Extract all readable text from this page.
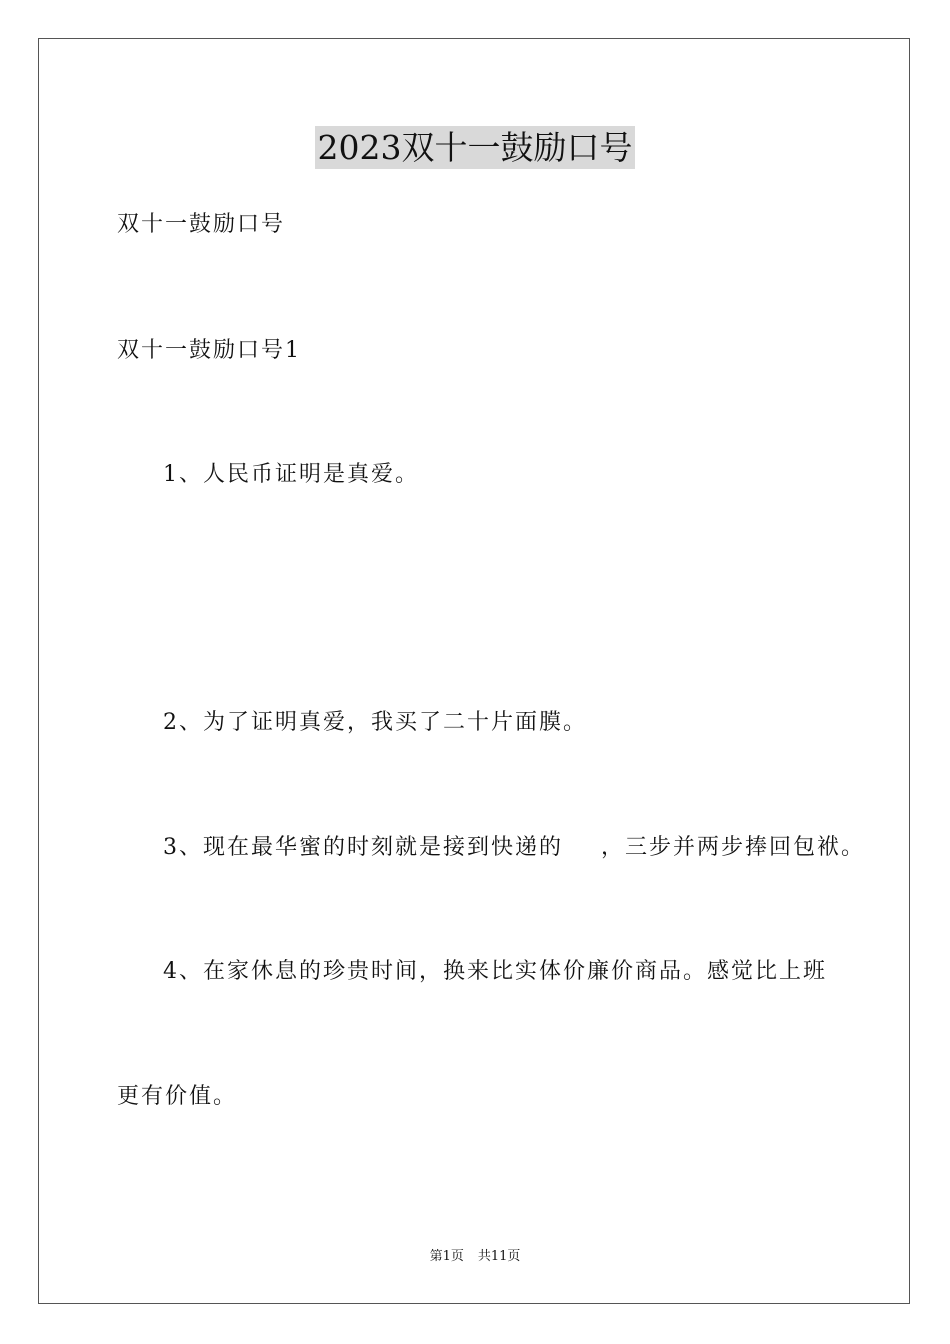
2023双十一鼓励口号

双十一鼓励口号

双十一鼓励口号1

1、人民币证明是真爱。

2、为了证明真爱，我买了二十片面膜。

3、现在最华蜜的时刻就是接到快递的 ，三步并两步捧回包袱。

4、在家休息的珍贵时间，换来比实体价廉价商品。感觉比上班

更有价值。

第1页 共11页
